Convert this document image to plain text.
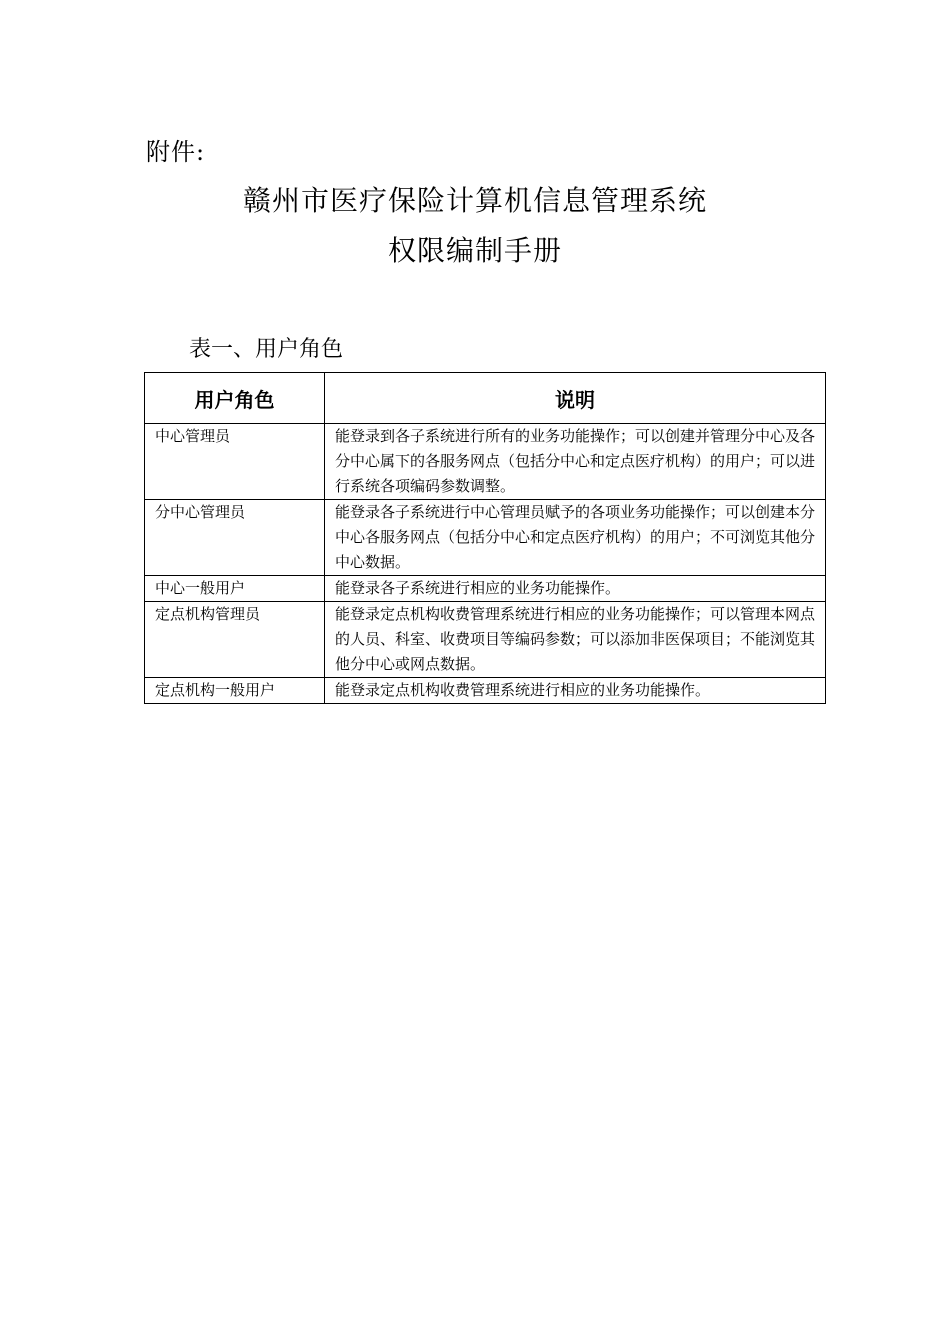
附件:
赣州市医疗保险计算机信息管理系统
权限编制手册
表一、用户角色
用户角色	说明
中心管理员	能登录到各子系统进行所有的业务功能操作；可以创建并管理分中心及各分中心属下的各服务网点（包括分中心和定点医疗机构）的用户；可以进行系统各项编码参数调整。
分中心管理员	能登录各子系统进行中心管理员赋予的各项业务功能操作；可以创建本分中心各服务网点（包括分中心和定点医疗机构）的用户；不可浏览其他分中心数据。
中心一般用户	能登录各子系统进行相应的业务功能操作。
定点机构管理员	能登录定点机构收费管理系统进行相应的业务功能操作；可以管理本网点的人员、科室、收费项目等编码参数；可以添加非医保项目；不能浏览其他分中心或网点数据。
定点机构一般用户	能登录定点机构收费管理系统进行相应的业务功能操作。
